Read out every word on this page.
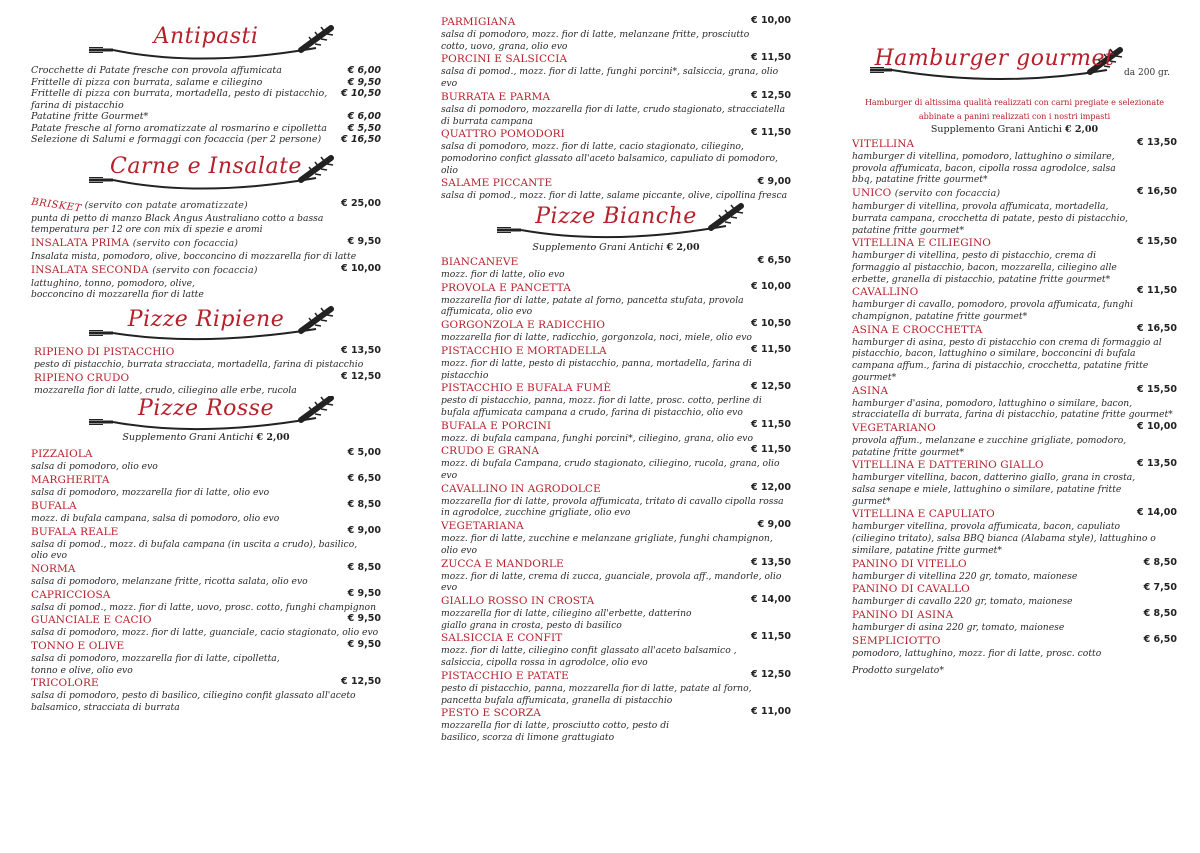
Antipasti
Crocchette di Patate fresche con provola affumicata	€ 6,00
Frittelle di pizza con burrata, salame e ciliegino	€ 9,50
Frittelle di pizza con burrata, mortadella, pesto di pistacchio, farina di pistacchio
€ 10,50
Patatine fritte Gourmet*	€ 6,00
Patate fresche al forno aromatizzate al rosmarino e cipolletta € 5,50
Selezione di Salumi e formaggi con focaccia (per 2 persone) € 16,50
Carne e Insalate
BRISKET (servito con patate aromatizzate)	€ 25,00
punta di petto di manzo Black Angus Australiano cotto a bassa temperatura per 12 ore con mix di spezie e aromi
INSALATA PRIMA (servito con focaccia)	€ 9,50
Insalata mista, pomodoro, olive, bocconcino di mozzarella fior di latte
INSALATA SECONDA (servito con focaccia)	€ 10,00
lattughino, tonno, pomodoro, olive, bocconcino di mozzarella fior di latte
Pizze Ripiene
RIPIENO DI PISTACCHIO	€ 13,50
pesto di pistacchio, burrata stracciata, mortadella, farina di pistacchio
RIPIENO CRUDO	€ 12,50
mozzarella fior di latte, crudo, ciliegino alle erbe, rucola
Pizze Rosse
Supplemento Grani Antichi € 2,00
PIZZAIOLA	€ 5,00
salsa di pomodoro, olio evo
MARGHERITA	€ 6,50
salsa di pomodoro, mozzarella fior di latte, olio evo
BUFALA	€ 8,50
mozz. di bufala campana, salsa di pomodoro, olio evo
BUFALA REALE	€ 9,00
salsa di pomod., mozz. di bufala campana (in uscita a crudo), basilico, olio evo
NORMA	€ 8,50
salsa di pomodoro, melanzane fritte, ricotta salata, olio evo
CAPRICCIOSA	€ 9,50
salsa di pomod., mozz. fior di latte, uovo, prosc. cotto, funghi champignon
GUANCIALE E CACIO	€ 9,50
salsa di pomodoro, mozz. fior di latte, guanciale, cacio stagionato, olio evo
TONNO E OLIVE	€ 9,50
salsa di pomodoro, mozzarella fior di latte, cipolletta, tonno e olive, olio evo
TRICOLORE	€ 12,50
salsa di pomodoro, pesto di basilico, ciliegino confit glassato all'aceto balsamico, stracciata di burrata
PARMIGIANA	€ 10,00
salsa di pomodoro, mozz. fior di latte, melanzane fritte, prosciutto cotto, uovo, grana, olio evo
PORCINI E SALSICCIA	€ 11,50
salsa di pomod., mozz. fior di latte, funghi porcini*, salsiccia, grana, olio evo
BURRATA E PARMA	€ 12,50
salsa di pomodoro, mozzarella fior di latte, crudo stagionato, stracciatella di burrata campana
QUATTRO POMODORI	€ 11,50
salsa di pomodoro, mozz. fior di latte, cacio stagionato, ciliegino, pomodorino confict glassato all'aceto balsamico, capuliato di pomodoro, olio
SALAME PICCANTE	€ 9,00
salsa di pomod., mozz. fior di latte, salame piccante, olive, cipollina fresca
Pizze Bianche
Supplemento Grani Antichi € 2,00
BIANCANEVE	€ 6,50
mozz. fior di latte, olio evo
PROVOLA E PANCETTA	€ 10,00
mozzarella fior di latte, patate al forno, pancetta stufata, provola affumicata, olio evo
GORGONZOLA E RADICCHIO	€ 10,50
mozzarella fior di latte, radicchio, gorgonzola, noci, miele, olio evo
PISTACCHIO E MORTADELLA	€ 11,50
mozz. fior di latte, pesto di pistacchio, panna, mortadella, farina di pistacchio
PISTACCHIO E BUFALA FUMÈ	€ 12,50
pesto di pistacchio, panna, mozz. fior di latte, prosc. cotto, perline di bufala affumicata campana a crudo, farina di pistacchio, olio evo
BUFALA E PORCINI	€ 11,50
mozz. di bufala campana, funghi porcini*, ciliegino, grana, olio evo
CRUDO E GRANA	€ 11,50
mozz. di bufala Campana, crudo stagionato, ciliegino, rucola, grana, olio evo
CAVALLINO IN AGRODOLCE	€ 12,00
mozzarella fior di latte, provola affumicata, tritato di cavallo cipolla rossa in agrodolce, zucchine grigliate, olio evo
VEGETARIANA	€ 9,00
mozz. fior di latte, zucchine e melanzane grigliate, funghi champignon, olio evo
ZUCCA E MANDORLE	€ 13,50
mozz. fior di latte, crema di zucca, guanciale, provola aff., mandorle, olio evo
GIALLO ROSSO IN CROSTA	€ 14,00
mozzarella fior di latte, ciliegino all'erbette, datterino giallo grana in crosta, pesto di basilico
SALSICCIA E CONFIT	€ 11,50
mozz. fior di latte, ciliegino confit glassato all'aceto balsamico , salsiccia, cipolla rossa in agrodolce, olio evo
PISTACCHIO E PATATE	€ 12,50
pesto di pistacchio, panna, mozzarella fior di latte, patate al forno, pancetta bufala affumicata, granella di pistacchio
PESTO E SCORZA	€ 11,00
mozzarella fior di latte, prosciutto cotto, pesto di basilico, scorza di limone grattugiato
Hamburger gourmet
da 200 gr.
Hamburger di altissima qualità realizzati con carni pregiate e selezionate
abbinate a panini realizzati con i nostri impasti
Supplemento Grani Antichi € 2,00
VITELLINA	€ 13,50
hamburger di vitellina, pomodoro, lattughino o similare, provola affumicata, bacon, cipolla rossa agrodolce, salsa bbq, patatine fritte gourmet*
UNICO (servito con focaccia)	€ 16,50
hamburger di vitellina, provola affumicata, mortadella, burrata campana, crocchetta di patate, pesto di pistacchio, patatine fritte gourmet*
VITELLINA E CILIEGINO	€ 15,50
hamburger di vitellina, pesto di pistacchio, crema di formaggio al pistacchio, bacon, mozzarella, ciliegino alle erbette, granella di pistacchio, patatine fritte gourmet*
CAVALLINO	€ 11,50
hamburger di cavallo, pomodoro, provola affumicata, funghi champignon, patatine fritte gourmet*
ASINA E CROCCHETTA	€ 16,50
hamburger di asina, pesto di pistacchio con crema di formaggio al pistacchio, bacon, lattughino o similare, bocconcini di bufala campana affum., farina di pistacchio, crocchetta, patatine fritte gourmet*
ASINA	€ 15,50
hamburger d'asina, pomodoro, lattughino o similare, bacon, stracciatella di burrata, farina di pistacchio, patatine fritte gourmet*
VEGETARIANO	€ 10,00
provola affum., melanzane e zucchine grigliate, pomodoro, patatine fritte gourmet*
VITELLINA E DATTERINO GIALLO	€ 13,50
hamburger vitellina, bacon, datterino giallo, grana in crosta, salsa senape e miele, lattughino o similare, patatine fritte gurmet*
VITELLINA E CAPULIATO	€ 14,00
hamburger vitellina, provola affumicata, bacon, capuliato (ciliegino tritato), salsa BBQ bianca (Alabama style), lattughino o similare, patatine fritte gurmet*
PANINO DI VITELLO	€ 8,50
hamburger di vitellina 220 gr, tomato, maionese
PANINO DI CAVALLO	€ 7,50
hamburger di cavallo 220 gr, tomato, maionese
PANINO DI ASINA	€ 8,50
hamburger di asina 220 gr, tomato, maionese
SEMPLICIOTTO	€ 6,50
pomodoro, lattughino, mozz. fior di latte, prosc. cotto
Prodotto surgelato*
